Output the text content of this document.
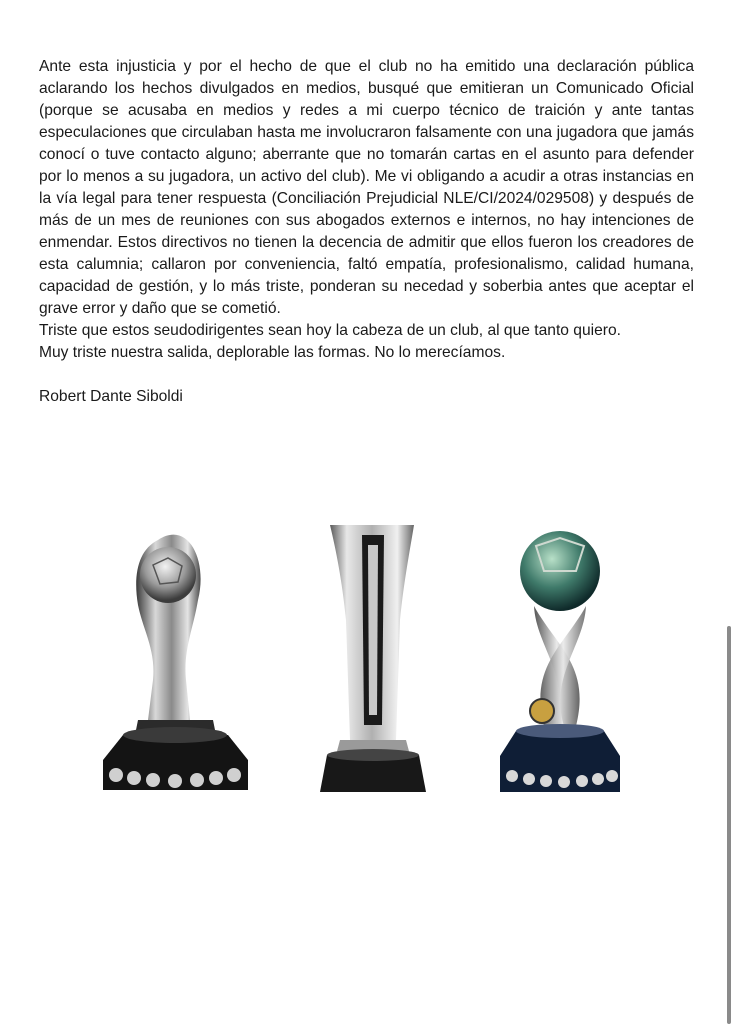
Ante esta injusticia y por el hecho de que el club no ha emitido una declaración pública aclarando los hechos divulgados en medios, busqué que emitieran un Comunicado Oficial (porque se acusaba en medios y redes a mi cuerpo técnico de traición y ante tantas especulaciones que circulaban hasta me involucraron falsamente con una jugadora que jamás conocí o tuve contacto alguno; aberrante que no tomarán cartas en el asunto para defender por lo menos a su jugadora, un activo del club). Me vi obligando a acudir a otras instancias en la vía legal para tener respuesta (Conciliación Prejudicial NLE/CI/2024/029508) y después de más de un mes de reuniones con sus abogados externos e internos, no hay intenciones de enmendar. Estos directivos no tienen la decencia de admitir que ellos fueron los creadores de esta calumnia; callaron por conveniencia, faltó empatía, profesionalismo, calidad humana, capacidad de gestión, y lo más triste, ponderan su necedad y soberbia antes que aceptar el grave error y daño que se cometió.

Triste que estos seudodirigentes sean hoy la cabeza de un club, al que tanto quiero.

Muy triste nuestra salida, deplorable las formas. No lo merecíamos.

Robert Dante Siboldi
